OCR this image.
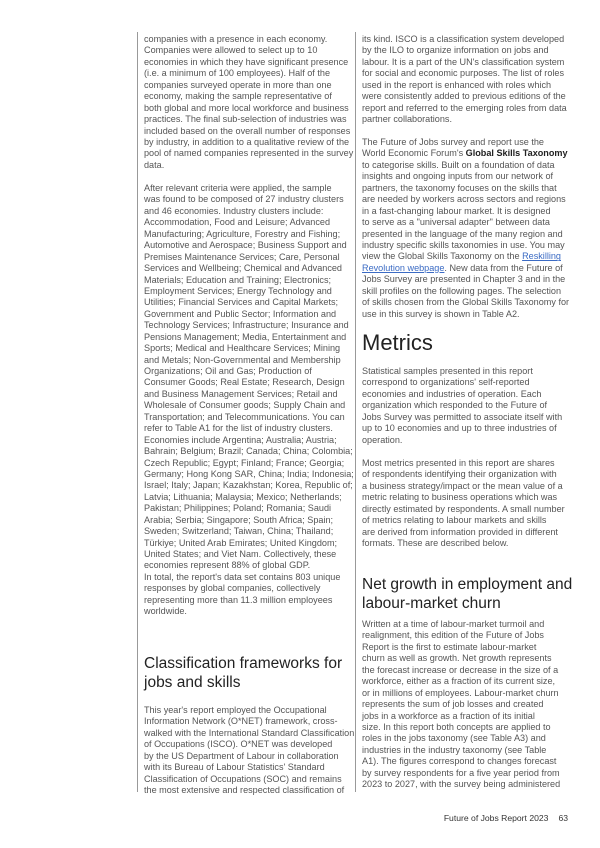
companies with a presence in each economy.
Companies were allowed to select up to 10
economies in which they have significant presence
(i.e. a minimum of 100 employees). Half of the
companies surveyed operate in more than one
economy, making the sample representative of
both global and more local workforce and business
practices. The final sub-selection of industries was
included based on the overall number of responses
by industry, in addition to a qualitative review of the
pool of named companies represented in the survey
data.
After relevant criteria were applied, the sample
was found to be composed of 27 industry clusters
and 46 economies. Industry clusters include:
Accommodation, Food and Leisure; Advanced
Manufacturing; Agriculture, Forestry and Fishing;
Automotive and Aerospace; Business Support and
Premises Maintenance Services; Care, Personal
Services and Wellbeing; Chemical and Advanced
Materials; Education and Training; Electronics;
Employment Services; Energy Technology and
Utilities; Financial Services and Capital Markets;
Government and Public Sector; Information and
Technology Services; Infrastructure; Insurance and
Pensions Management; Media, Entertainment and
Sports; Medical and Healthcare Services; Mining
and Metals; Non-Governmental and Membership
Organizations; Oil and Gas; Production of
Consumer Goods; Real Estate; Research, Design
and Business Management Services; Retail and
Wholesale of Consumer goods; Supply Chain and
Transportation; and Telecommunications. You can
refer to Table A1 for the list of industry clusters.
Economies include Argentina; Australia; Austria;
Bahrain; Belgium; Brazil; Canada; China; Colombia;
Czech Republic; Egypt; Finland; France; Georgia;
Germany; Hong Kong SAR, China; India; Indonesia;
Israel; Italy; Japan; Kazakhstan; Korea, Republic of;
Latvia; Lithuania; Malaysia; Mexico; Netherlands;
Pakistan; Philippines; Poland; Romania; Saudi
Arabia; Serbia; Singapore; South Africa; Spain;
Sweden; Switzerland; Taiwan, China; Thailand;
Türkiye; United Arab Emirates; United Kingdom;
United States; and Viet Nam. Collectively, these
economies represent 88% of global GDP.
In total, the report's data set contains 803 unique
responses by global companies, collectively
representing more than 11.3 million employees
worldwide.
Classification frameworks for
jobs and skills
This year's report employed the Occupational
Information Network (O*NET) framework, cross-
walked with the International Standard Classification
of Occupations (ISCO). O*NET was developed
by the US Department of Labour in collaboration
with its Bureau of Labour Statistics' Standard
Classification of Occupations (SOC) and remains
the most extensive and respected classification of
its kind. ISCO is a classification system developed
by the ILO to organize information on jobs and
labour. It is a part of the UN's classification system
for social and economic purposes. The list of roles
used in the report is enhanced with roles which
were consistently added to previous editions of the
report and referred to the emerging roles from data
partner collaborations.
The Future of Jobs survey and report use the
World Economic Forum's Global Skills Taxonomy
to categorise skills. Built on a foundation of data
insights and ongoing inputs from our network of
partners, the taxonomy focuses on the skills that
are needed by workers across sectors and regions
in a fast-changing labour market. It is designed
to serve as a "universal adapter" between data
presented in the language of the many region and
industry specific skills taxonomies in use. You may
view the Global Skills Taxonomy on the Reskilling
Revolution webpage. New data from the Future of
Jobs Survey are presented in Chapter 3 and in the
skill profiles on the following pages. The selection
of skills chosen from the Global Skills Taxonomy for
use in this survey is shown in Table A2.
Metrics
Statistical samples presented in this report
correspond to organizations' self-reported
economies and industries of operation. Each
organization which responded to the Future of
Jobs Survey was permitted to associate itself with
up to 10 economies and up to three industries of
operation.
Most metrics presented in this report are shares
of respondents identifying their organization with
a business strategy/impact or the mean value of a
metric relating to business operations which was
directly estimated by respondents. A small number
of metrics relating to labour markets and skills
are derived from information provided in different
formats. These are described below.
Net growth in employment and
labour-market churn
Written at a time of labour-market turmoil and
realignment, this edition of the Future of Jobs
Report is the first to estimate labour-market
churn as well as growth. Net growth represents
the forecast increase or decrease in the size of a
workforce, either as a fraction of its current size,
or in millions of employees. Labour-market churn
represents the sum of job losses and created
jobs in a workforce as a fraction of its initial
size. In this report both concepts are applied to
roles in the jobs taxonomy (see Table A3) and
industries in the industry taxonomy (see Table
A1). The figures correspond to changes forecast
by survey respondents for a five year period from
2023 to 2027, with the survey being administered
Future of Jobs Report 2023 63
